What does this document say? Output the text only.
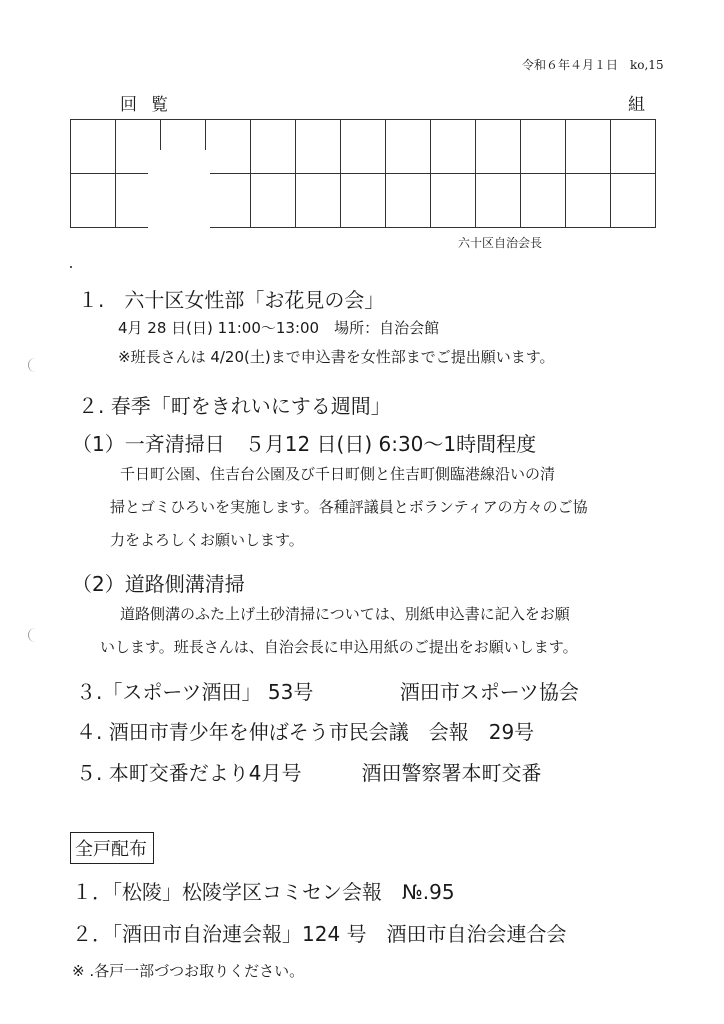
令和６年４月１日　ko,15
回覧	組

六十区自治会長
１.　六十区女性部「お花見の会」
4月 28 日(日) 11:00～13:00　場所：自治会館
※班長さんは 4/20(土)まで申込書を女性部までご提出願います。
２. 春季「町をきれいにする週間」
（1）一斉清掃日　５月12 日(日) 6:30～1時間程度
千日町公園、住吉台公園及び千日町側と住吉町側臨港線沿いの清
掃とゴミひろいを実施します。各種評議員とボランティアの方々のご協
力をよろしくお願いします。
（2）道路側溝清掃
道路側溝のふた上げ土砂清掃については、別紙申込書に記入をお願
いします。班長さんは、自治会長に申込用紙のご提出をお願いします。
３.「スポーツ酒田」 53号　　　　 酒田市スポーツ協会
４. 酒田市青少年を伸ばそう市民会議　会報　29号
５. 本町交番だより4月号　　　酒田警察署本町交番
全戸配布
１．「松陵」松陵学区コミセン会報　№.95
２．「酒田市自治連会報」124 号　酒田市自治会連合会
※ .各戸一部づつお取りください。
